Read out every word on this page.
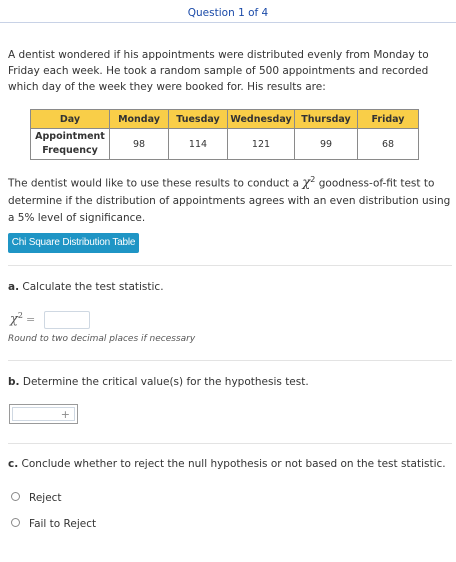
Question 1 of 4
A dentist wondered if his appointments were distributed evenly from Monday to Friday each week. He took a random sample of 500 appointments and recorded which day of the week they were booked for. His results are:
Day	Monday	Tuesday	Wednesday	Thursday	Friday
Appointment
Frequency	98	114	121	99	68
The dentist would like to use these results to conduct a $\chi^2$ goodness-of-fit test to determine if the distribution of appointments agrees with an even distribution using a 5% level of significance.
Chi Square Distribution Table
a. Calculate the test statistic.
$\chi^2$ =
Round to two decimal places if necessary
b. Determine the critical value(s) for the hypothesis test.
+
c. Conclude whether to reject the null hypothesis or not based on the test statistic.
Reject
Fail to Reject
